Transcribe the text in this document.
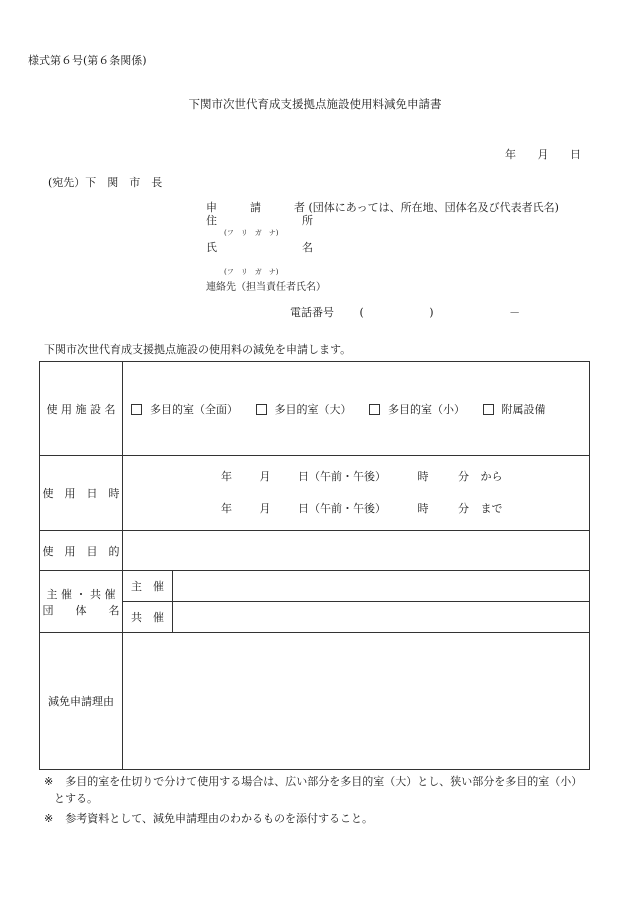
様式第６号(第６条関係)
下関市次世代育成支援拠点施設使用料減免申請書
年 月 日
(宛先）下　関　市　長
申　　　請　　　者 (団体にあっては、所在地、団体名及び代表者氏名)
住	所
(フ　リ　ガ　ナ)
氏	名
(フ　リ　ガ　ナ)
連絡先（担当責任者氏名）
電話番号 (	)	－
下関市次世代育成支援拠点施設の使用料の減免を申請します。
使 用 施 設 名	多目的室（全面） 多目的室（大） 多目的室（小） 附属設備	
使　用　日　時	年 月 日（午前・午後） 時 分 から
年 月 日（午前・午後） 時 分 まで	

使　用　目　的		

主 催 ・ 共 催
団　　体　　名	主　催	
	共　催	
減免申請理由		
※ 多目的室を仕切りで分けて使用する場合は、広い部分を多目的室（大）とし、狭い部分を多目的室（小）
とする。
※ 参考資料として、減免申請理由のわかるものを添付すること。
